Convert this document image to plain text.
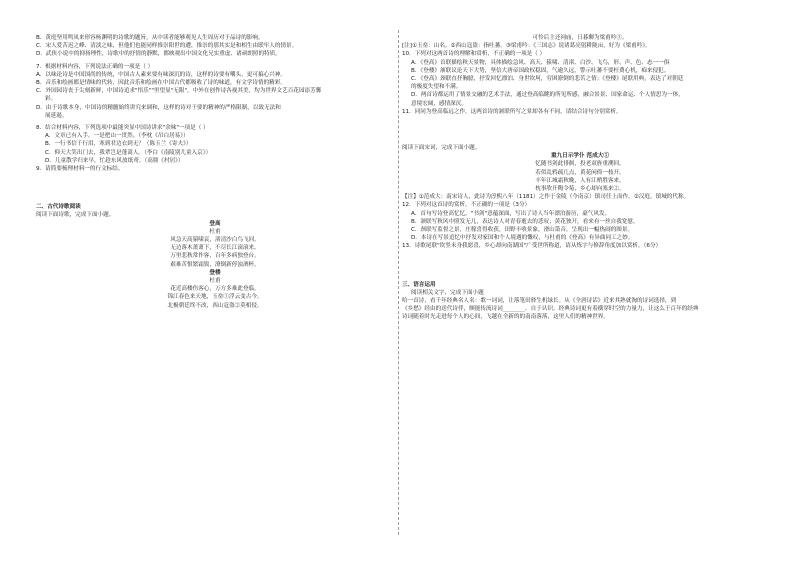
B．黄庭坚用鸣凤来形容杨渊明的诗歌的题旨，从中读者能够观见人生周历对于品诗的影响。
C．宋人爱苦迟之峰、清淡之味，但他们也能同样推崇阳世的遭，推崇的那其实是和相生由联牢人的情景。
D．武侠小说中的抑扬理性，诗歌中的抒情的静默，都映观出中国文化兄实重虚、诸顽朗照的特质。
7．根据材料内容，下列说法正确的一项是（ ）
A．以味论诗是中国国尚的传统，中国古人素来要有味深沉的诗，这样的诗要有嚼头，更可搞心兴神。
B．音乐和绘画都是情味的代转，因此音乐和绘画在中国古代都吸收了诗的味道，有文学诗情的精彩。
C．外国园诗丧于尖刻新鲜，中国诗追求"悟乐""里望显"无限"，中外在创作诗各视其美，均为世界文艺百花园添芳馨
彩。
D．由于诗歌本身，中国诗的精髓始终讲究来调和，这样的诗对于要的精神的严格限制，以致无法和
展延遏。
8．结合材料内容，下列选项中最能突显中国诗讲求"余味"一项是（ ）
A．文章已有入手，一是把山一贯然。（李枕《吊白居易》）
B．一行书信千行泪，寒到君边衣到无？（陈玉兰《寄夫》）
C．仰天大笑出门去，我辈岂是蓬蒿人。（李白《南陵别儿童入京》）
D．儿童散学归来早，忙趁东风放纸鸢。（高鼎《村居》）
9．请简要梳理材料一的行文标结。
二、古代诗歌阅读
阅读下面诗歌，完成下面小题。
登高
杜甫
风急天高猿啸哀，渚清沙白鸟飞回。
无边落木萧萧下，不尽长江滚滚来。
万里悲秋常作客，百年多病独登台。
艰难苦恨繁霜鬓，潦倒新停浊酒杯。
登楼
杜甫
花近高楼伤客心，万方多难此登临。
锦江春色来天地，玉垒①浮云变古今。
北极朝廷终不改，西山寇盗②莫相侵。
可怜后主还祠庙，日暮聊为梁甫吟③。
[注]①玉垒：山名。②西山寇盗：指吐蕃。③梁甫吟：《三国志》说诸葛亮躬耕陇亩，好为《梁甫吟》。
10．下列对这两首诗的理解和赏析，不正确的一项是（ ）
A．《登高》首联描绘秋天景物，具体描绘急风、高天、猿啸、清渚、白沙、飞鸟，形、声、色、态一一俱
B．《登楼》颔联议论天下大势，坚信大唐帝国政权稳固，气逾久远，警示吐蕃不要枉费心机，痴来侵犯。
C．《登高》颈联直抒胸臆，抒发回忆漂泊、身世坎坷，穷困潦倒的悲苦之情；《登楼》尾联用典，表达了对朝廷
的极度失望和不满。
D．两首诗都运用了情景交融的艺术手法，通过登高临眺的所见所感，融合景景、国家命运、个人情思为一体，
意境宏阔，感情深沉。
11．同同为登高临远之作，这两首诗的颔联所写之景却各有不同，请结合诗句分别赏析。
阅读下面宋词，完成下面小题。
重九日示学仆 范成大①
忆随书剑此徘徊，投老双旌重溯回。
若似乱鸦疏几点，黄花闲倚一枝开。
丰年江城霜秋晚，人有江梢胜客来。
枕事欣开陶令菊，乡心却向塞来②。
【注】①范成大：南宋诗人，此诗为淳熙八年（1181）之作于金陵（今南京）镇司任上而作。②汉庭，镇城的代称。
12．下列对这首诗的赏析，不正确的一项是（3分）
A．首句写诗登高忆忆，"书剑"意蕴深面，写出了诗人当年漂泊游历，豪气风发。
B．颔联写秋风中照发无几，表达诗人对青春逝去的悲叹；黄花独开，看来有一丝自我宽慰。
C．颈联写监督之景，庄稼喜得收获，田野丰收景象，滑山箫音，呈现出一幅热闹的图景。
D．本诗在写景追忆中抒发对家国和个人境遇的慨叹，与杜甫的《登高》有异曲同工之妙。
13．诗歌尾联"坎竖未身我愿喜，乡心却向南湖国"广受世所称道，请从炼字与修辞角度加以赏析。（6分）
三、语言运用
阅读相关文字，完成下面小题
哈一首诗，看千年经典名人名：歌一词词，让落笔田驿生机绿长。从《全唐诗话》近来其熟就淘的诗词选择，到
《乡愁》经由的送代诗伴，颇能传流诗词________。自于认识。经典诗词更有着横穿时空的力量力，让这么于百年的经典
诗词随着时光走进每个人的心间，飞越在全新的的南南落落，这里人们的精神世界。
